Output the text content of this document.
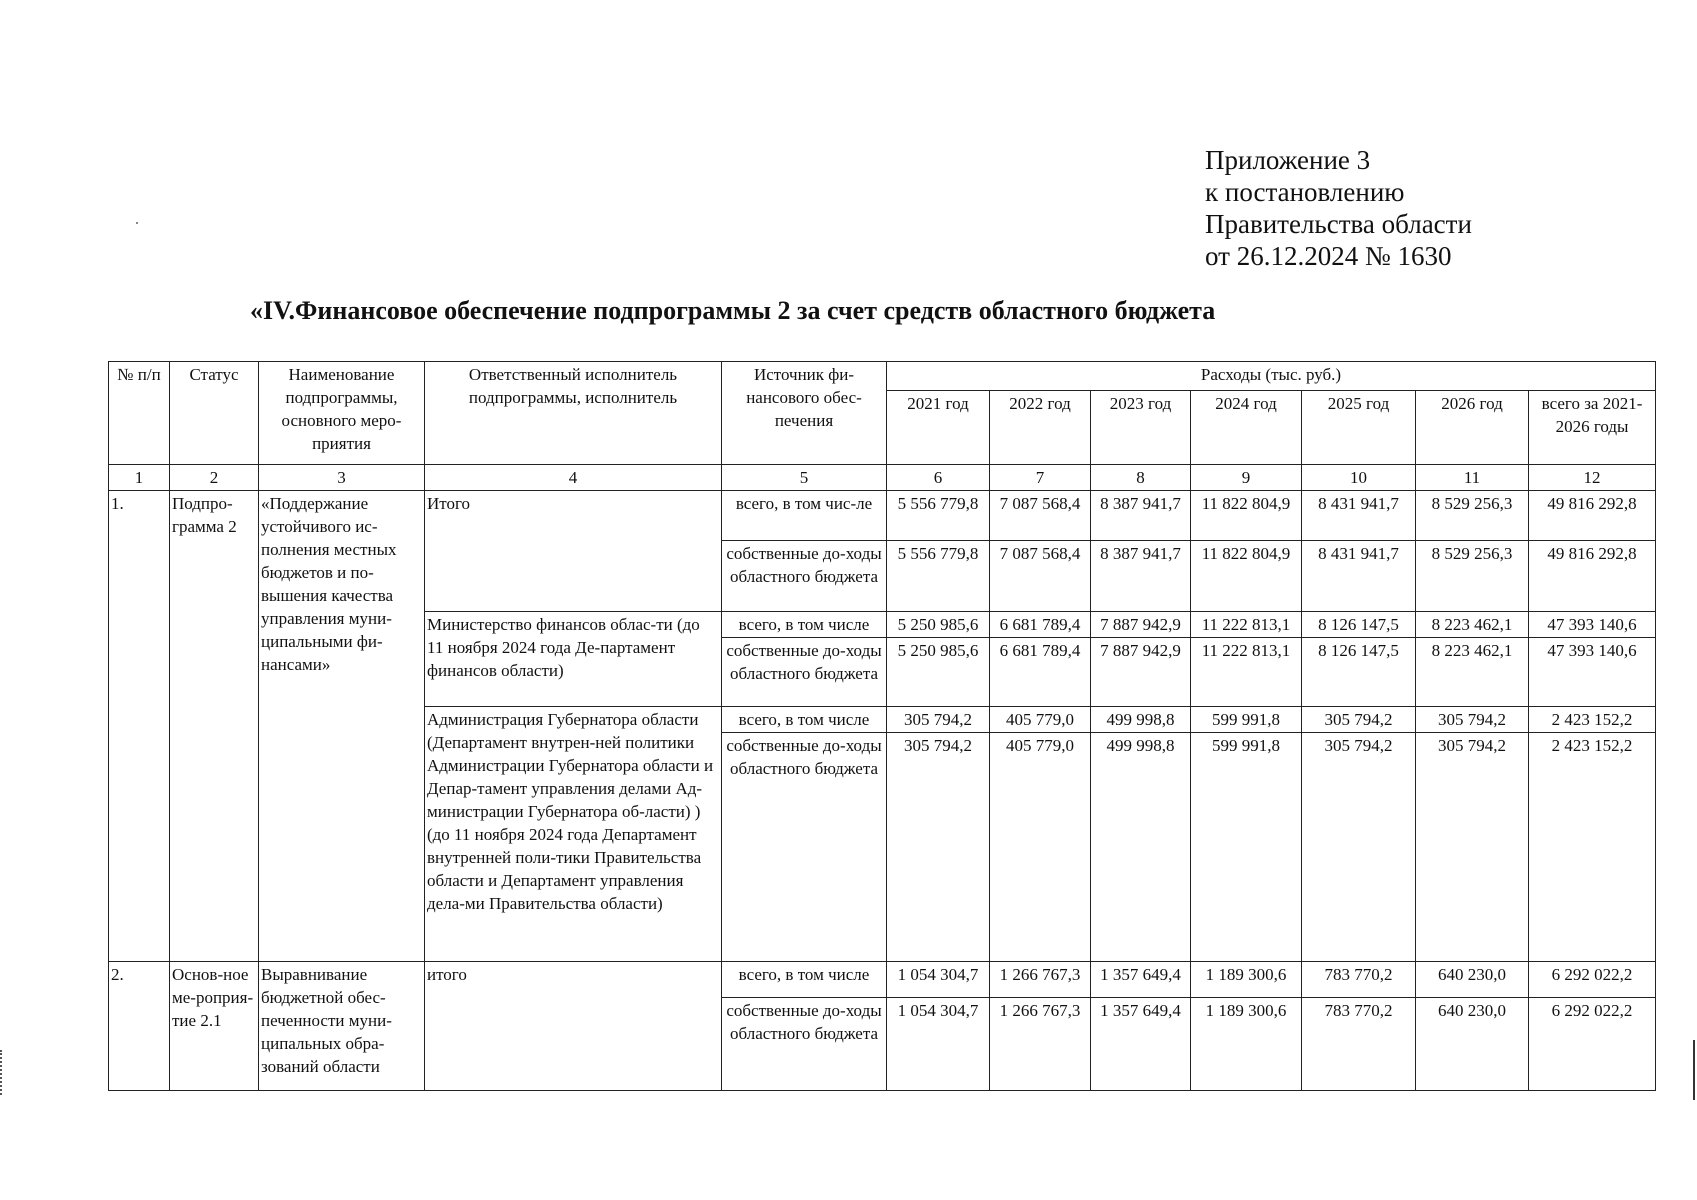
Приложение 3
к постановлению
Правительства области
от 26.12.2024 № 1630
«IV.Финансовое обеспечение подпрограммы 2 за счет средств областного бюджета
№ п/п	Статус	Наименование подпрограммы, основного меро-приятия	Ответственный исполнитель подпрограммы, исполнитель	Источник фи-нансового обес-печения	Расходы (тыс. руб.)						
					2021 год	2022 год	2023 год	2024 год	2025 год	2026 год	всего за 2021-2026 годы
1	2	3	4	5	6	7	8	9	10	11	12
1.	Подпро-грамма 2	«Поддержание устойчивого ис-полнения местных бюджетов и по-вышения качества управления муни-ципальными фи-нансами»	Итого	всего, в том чис-ле	5 556 779,8	7 087 568,4	8 387 941,7	11 822 804,9	8 431 941,7	8 529 256,3	49 816 292,8
				собственные до-ходы областного бюджета	5 556 779,8	7 087 568,4	8 387 941,7	11 822 804,9	8 431 941,7	8 529 256,3	49 816 292,8
			Министерство финансов облас-ти (до 11 ноября 2024 года Де-партамент финансов области)	всего, в том числе	5 250 985,6	6 681 789,4	7 887 942,9	11 222 813,1	8 126 147,5	8 223 462,1	47 393 140,6
				собственные до-ходы областного бюджета	5 250 985,6	6 681 789,4	7 887 942,9	11 222 813,1	8 126 147,5	8 223 462,1	47 393 140,6
			Администрация Губернатора области (Департамент внутрен-ней политики Администрации Губернатора области и Депар-тамент управления делами Ад-министрации Губернатора об-ласти) ) (до 11 ноября 2024 года Департамент внутренней поли-тики Правительства области и Департамент управления дела-ми Правительства области)	всего, в том числе	305 794,2	405 779,0	499 998,8	599 991,8	305 794,2	305 794,2	2 423 152,2
				собственные до-ходы областного бюджета	305 794,2	405 779,0	499 998,8	599 991,8	305 794,2	305 794,2	2 423 152,2
2.	Основ-ное ме-роприя-тие 2.1	Выравнивание бюджетной обес-печенности муни-ципальных обра-зований области	итого	всего, в том числе	1 054 304,7	1 266 767,3	1 357 649,4	1 189 300,6	783 770,2	640 230,0	6 292 022,2
				собственные до-ходы областного бюджета	1 054 304,7	1 266 767,3	1 357 649,4	1 189 300,6	783 770,2	640 230,0	6 292 022,2
